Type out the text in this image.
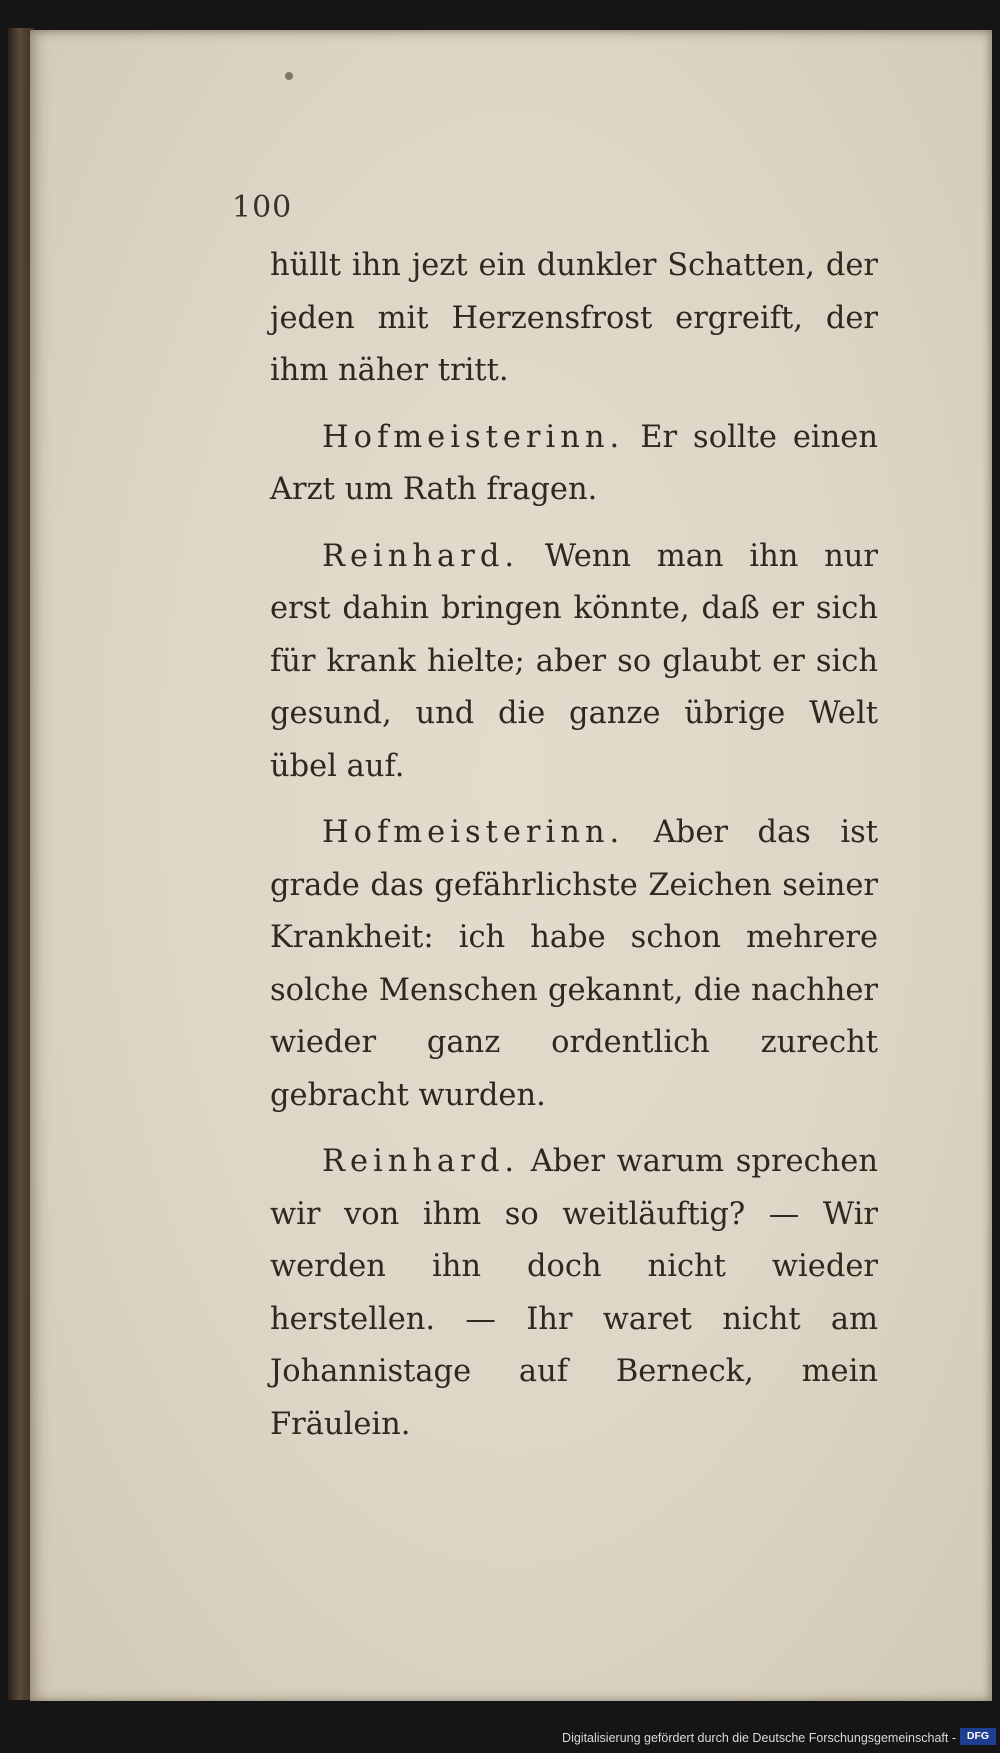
100

hüllt ihn jezt ein dunkler Schatten, der jeden mit Herzensfrost ergreift, der ihm näher tritt.

Hofmeisterinn. Er sollte einen Arzt um Rath fragen.

Reinhard. Wenn man ihn nur erst dahin bringen könnte, daß er sich für krank hielte; aber so glaubt er sich gesund, und die ganze übrige Welt übel auf.

Hofmeisterinn. Aber das ist grade das gefährlichste Zeichen seiner Krankheit: ich habe schon mehrere solche Menschen gekannt, die nachher wieder ganz ordentlich zurecht gebracht wurden.

Reinhard. Aber warum sprechen wir von ihm so weitläuftig? — Wir werden ihn doch nicht wieder herstellen. — Ihr waret nicht am Johannistage auf Berneck, mein Fräulein.

Digitalisierung gefördert durch die Deutsche Forschungsgemeinschaft -	DFG
